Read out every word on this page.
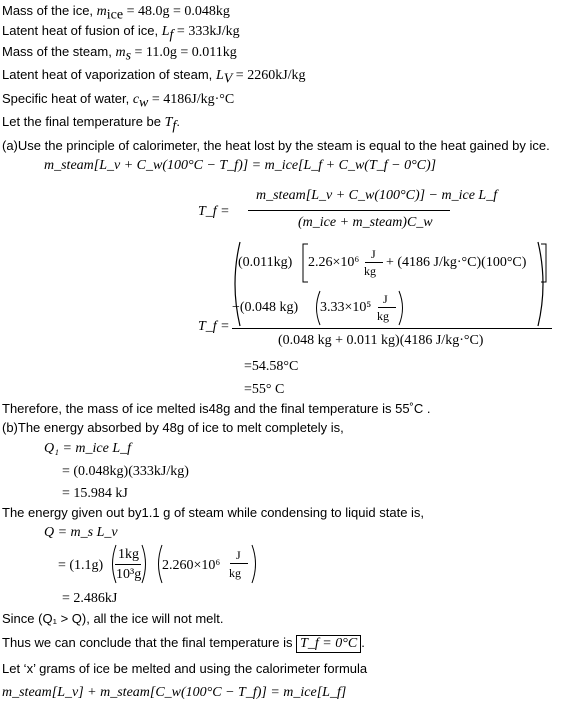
Mass of the ice, $m_{ice} = 48.0g = 0.048kg$
Latent heat of fusion of ice, $L_f = 333kJ/kg$
Mass of the steam, $m_s = 11.0g = 0.011kg$
Latent heat of vaporization of steam, $L_V = 2260kJ/kg$
Specific heat of water, $c_w = 4186J/kg\cdot^\circ C$
Let the final temperature be $T_f$.
(a)Use the principle of calorimeter, the heat lost by the steam is equal to the heat gained by ice.
m_steam[L_v + C_w(100°C − T_f)] = m_ice[L_f + C_w(T_f − 0°C)]
T_f =
m_steam[L_v + C_w(100°C)] − m_ice L_f
(m_ice + m_steam)C_w
T_f =
(0.011kg) 2.26×10⁶
J
kg
+ (4186 J/kg·°C)(100°C)
−(0.048 kg) 3.33×10⁵
J
kg
(0.048 kg + 0.011 kg)(4186 J/kg·°C)
=54.58°C
=55° C
Therefore, the mass of ice melted is48g and the final temperature is 55˚C .
(b)The energy absorbed by 48g of ice to melt completely is,
Q₁ = m_ice L_f
= (0.048kg)(333kJ/kg)
= 15.984 kJ
The energy given out by1.1 g of steam while condensing to liquid state is,
Q = m_s L_v
= (1.1g)
1kg
10³g
2.260×10⁶
J
kg
= 2.486kJ
Since (Q₁ > Q), all the ice will not melt.
Thus we can conclude that the final temperature is T_f = 0°C .
Let ‘x’ grams of ice be melted and using the calorimeter formula
m_steam[L_v] + m_steam[C_w(100°C − T_f)] = m_ice[L_f]
